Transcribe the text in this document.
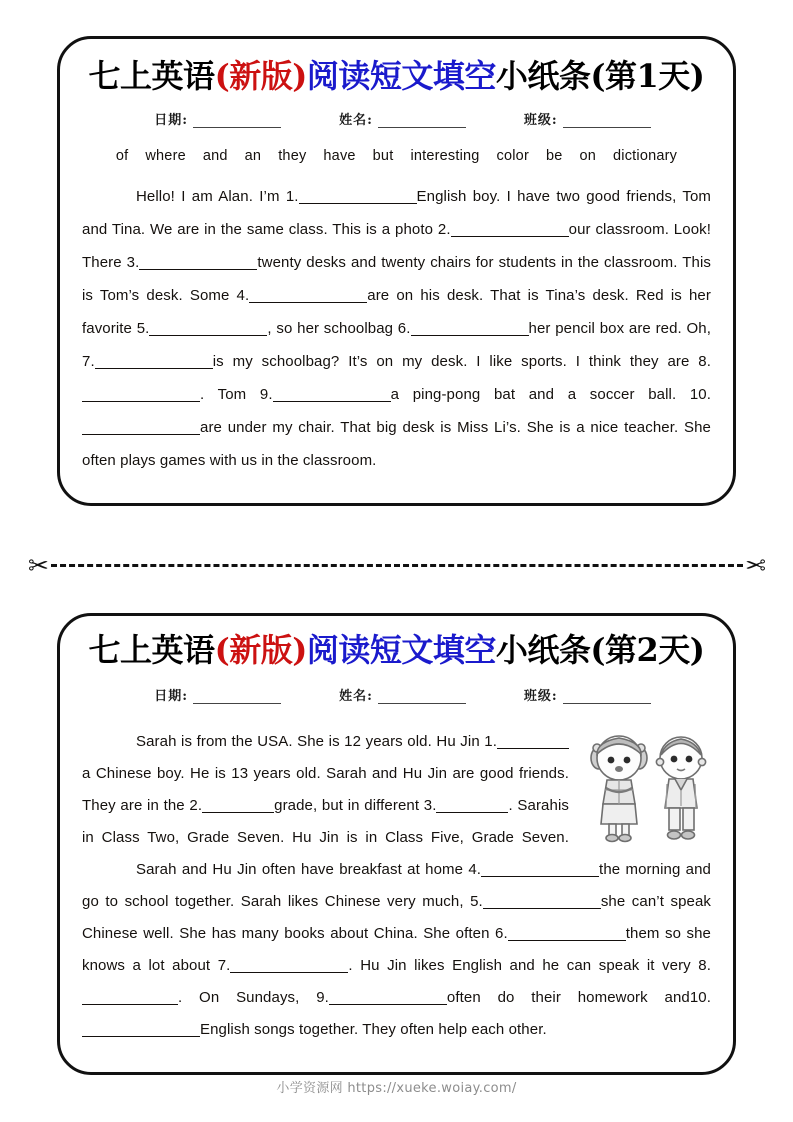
七上英语(新版)阅读短文填空小纸条(第1天)
日期:	姓名:	班级:
of where and an they have but interesting color be on dictionary

Hello! I am Alan. I’m 1.	English boy. I have two good friends, Tom and Tina. We are in the same class. This is a photo 2.	our classroom. Look! There 3.	twenty desks and twenty chairs for students in the classroom. This is Tom’s desk. Some 4.	are on his desk. That is Tina’s desk. Red is her favorite 5.	, so her schoolbag 6.	her pencil box are red. Oh, 7.	is my schoolbag? It’s on my desk. I like sports. I think they are 8.. Tom 9.	a ping-pong bat and a soccer ball. 10.are under my chair. That big desk is Miss Li’s. She is a nice teacher. She often plays games with us in the classroom.

✂	✂
七上英语(新版)阅读短文填空小纸条(第2天)
日期:	姓名:	班级:

Sarah is from the USA. She is 12 years old. Hu Jin 1.a Chinese boy. He is 13 years old. Sarah and Hu Jin are good friends. They are in the 2.	grade, but in different 3.	. Sarahis in Class Two, Grade Seven. Hu Jin is in Class Five, Grade Seven.Sarah and Hu Jin often have breakfast at home 4.	the morning and go to school together. Sarah likes Chinese very much, 5.	she can’t speak Chinese well. She has many books about China. She often 6.	them so she knows a lot about 7.	. Hu Jin likes English and he can speak it very 8.. On Sundays, 9.	often do their homework and10.English songs together. They often help each other.

小学资源网 https://xueke.woiay.com/
